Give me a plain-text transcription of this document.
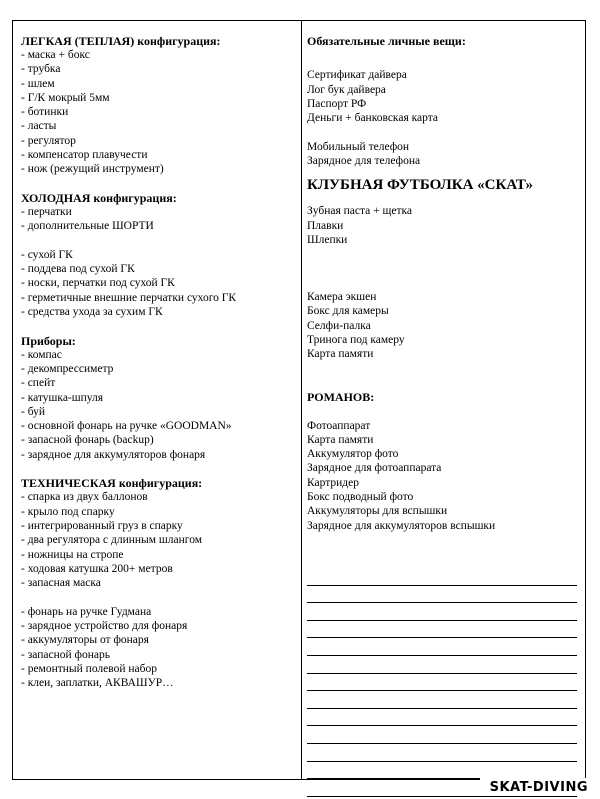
ЛЕГКАЯ (ТЕПЛАЯ) конфигурация:
- маска + бокс
- трубка
- шлем
- Г/К мокрый 5мм
- ботинки
- ласты
- регулятор
- компенсатор плавучести
- нож (режущий инструмент)
ХОЛОДНАЯ конфигурация:
- перчатки
- дополнительные ШОРТИ
- сухой ГК
- поддева под сухой ГК
- носки, перчатки под сухой ГК
- герметичные внешние перчатки сухого ГК
- средства ухода за сухим ГК
Приборы:
- компас
- декомпрессиметр
- спейт
- катушка-шпуля
- буй
- основной фонарь на ручке «GOODMAN»
- запасной фонарь (backup)
- зарядное для аккумуляторов фонаря
ТЕХНИЧЕСКАЯ конфигурация:
- спарка из двух баллонов
- крыло под спарку
- интегрированный груз в спарку
- два регулятора с длинным шлангом
- ножницы на стропе
- ходовая катушка 200+ метров
- запасная маска
- фонарь на ручке Гудмана
- зарядное устройство для фонаря
- аккумуляторы от фонаря
- запасной фонарь
- ремонтный полевой набор
- клеи, заплатки, АКВАШУР…
Обязательные личные вещи:
Сертификат дайвера
Лог бук дайвера
Паспорт РФ
Деньги + банковская карта
Мобильный телефон
Зарядное для телефона
КЛУБНАЯ ФУТБОЛКА «СКАТ»
Зубная паста + щетка
Плавки
Шлепки
Камера экшен
Бокс для камеры
Селфи-палка
Тринога под камеру
Карта памяти
РОМАНОВ:
Фотоаппарат
Карта памяти
Аккумулятор фото
Зарядное для фотоаппарата
Картридер
Бокс подводный фото
Аккумуляторы для вспышки
Зарядное для аккумуляторов вспышки
SKAT-DIVING
